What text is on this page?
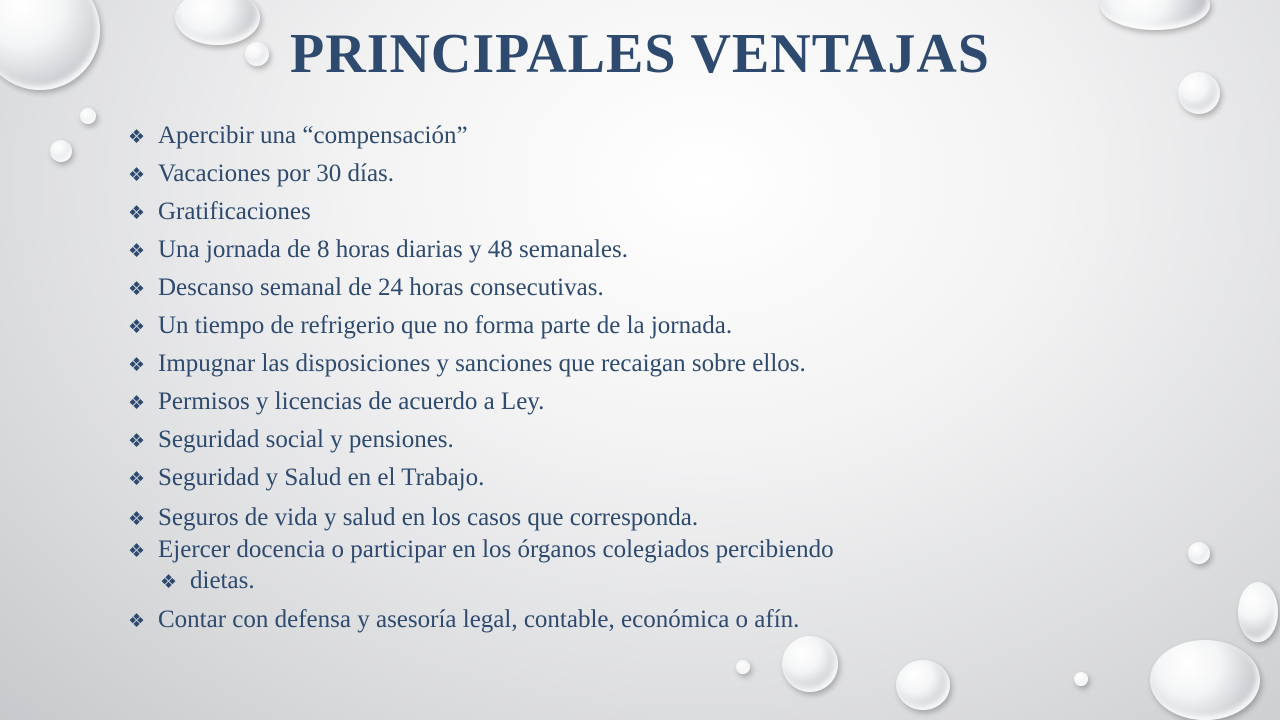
PRINCIPALES VENTAJAS
❖ Apercibir una “compensación”
❖ Vacaciones por 30 días.
❖ Gratificaciones
❖ Una jornada de 8 horas diarias y 48 semanales.
❖ Descanso semanal de 24 horas consecutivas.
❖ Un tiempo de refrigerio que no forma parte de la jornada.
❖ Impugnar las disposiciones y sanciones que recaigan sobre ellos.
❖ Permisos y licencias de acuerdo a Ley.
❖ Seguridad social y pensiones.
❖ Seguridad y Salud en el Trabajo.
❖ Seguros de vida y salud en los casos que corresponda.
❖ Ejercer docencia o participar en los órganos colegiados percibiendo
❖ dietas.
❖ Contar con defensa y asesoría legal, contable, económica o afín.
